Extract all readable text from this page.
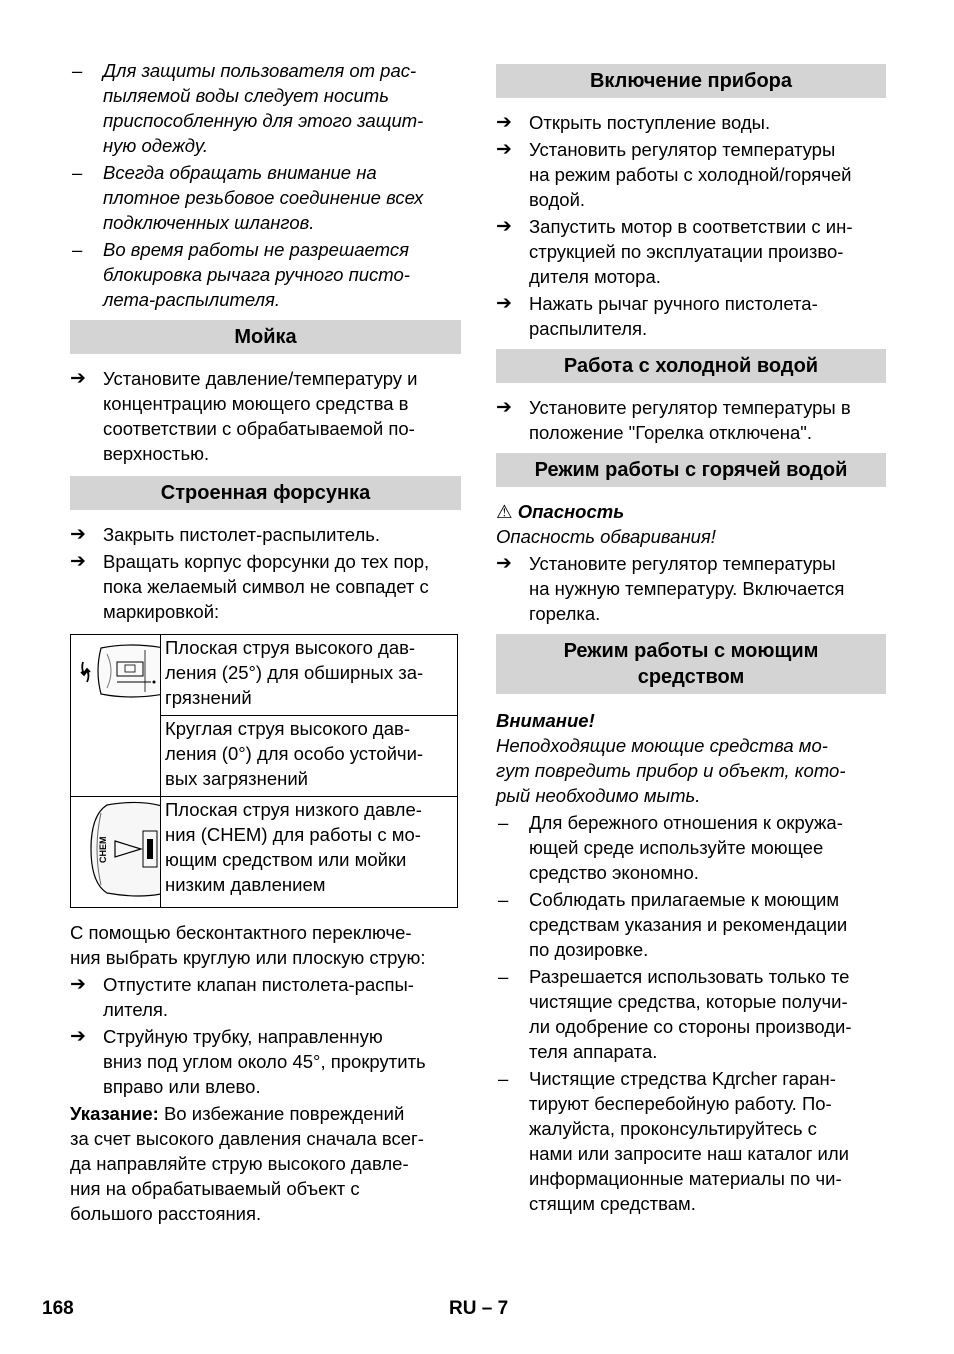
–	Для защиты пользователя от рас-
пыляемой воды следует носить
приспособленную для этого защит-
ную одежду.
–	Всегда обращать внимание на
плотное резьбовое соединение всех
подключенных шлангов.
–	Во время работы не разрешается
блокировка рычага ручного писто-
лета-распылителя.
Мойка
➔ Установите давление/температуру и
концентрацию моющего средства в
соответствии с обрабатываемой по-
верхностью.
Строенная форсунка
➔ Закрыть пистолет-распылитель.
➔ Вращать корпус форсунки до тех пор,
пока желаемый символ не совпадет с
маркировкой:
	Плоская струя высокого дав-
ления (25°) для обширных за-
грязнений
	Круглая струя высокого дав-
ления (0°) для особо устойчи-
вых загрязнений

CHEM	Плоская струя низкого давле-
ния (CHEM) для работы с мо-
ющим средством или мойки
низким давлением
С помощью бесконтактного переключе-
ния выбрать круглую или плоскую струю:
➔ Отпустите клапан пистолета-распы-
лителя.
➔ Струйную трубку, направленную
вниз под углом около 45°, прокрутить
вправо или влево.
Указание: Во избежание повреждений
за счет высокого давления сначала всег-
да направляйте струю высокого давле-
ния на обрабатываемый объект с
большого расстояния.
Включение прибора
➔ Открыть поступление воды.
➔ Установить регулятор температуры
на режим работы с холодной/горячей
водой.
➔ Запустить мотор в соответствии с ин-
струкцией по эксплуатации произво-
дителя мотора.
➔ Нажать рычаг ручного пистолета-
распылителя.
Работа с холодной водой
➔ Установите регулятор температуры в
положение "Горелка отключена".
Режим работы с горячей водой
⚠ Опасность
Опасность обваривания!
➔ Установите регулятор температуры
на нужную температуру. Включается
горелка.
Режим работы с моющим
средством
Внимание!
Неподходящие моющие средства мо-
гут повредить прибор и объект, кото-
рый необходимо мыть.
–	Для бережного отношения к окружа-
ющей среде используйте моющее
средство экономно.
–	Соблюдать прилагаемые к моющим
средствам указания и рекомендации
по дозировке.
–	Разрешается использовать только те
чистящие средства, которые получи-
ли одобрение со стороны производи-
теля аппарата.
–	Чистящие стредства Kдrcher гаран-
тируют бесперебойную работу. По-
жалуйста, проконсультируйтесь с
нами или запросите наш каталог или
информационные материалы по чи-
стящим средствам.
168	RU – 7
